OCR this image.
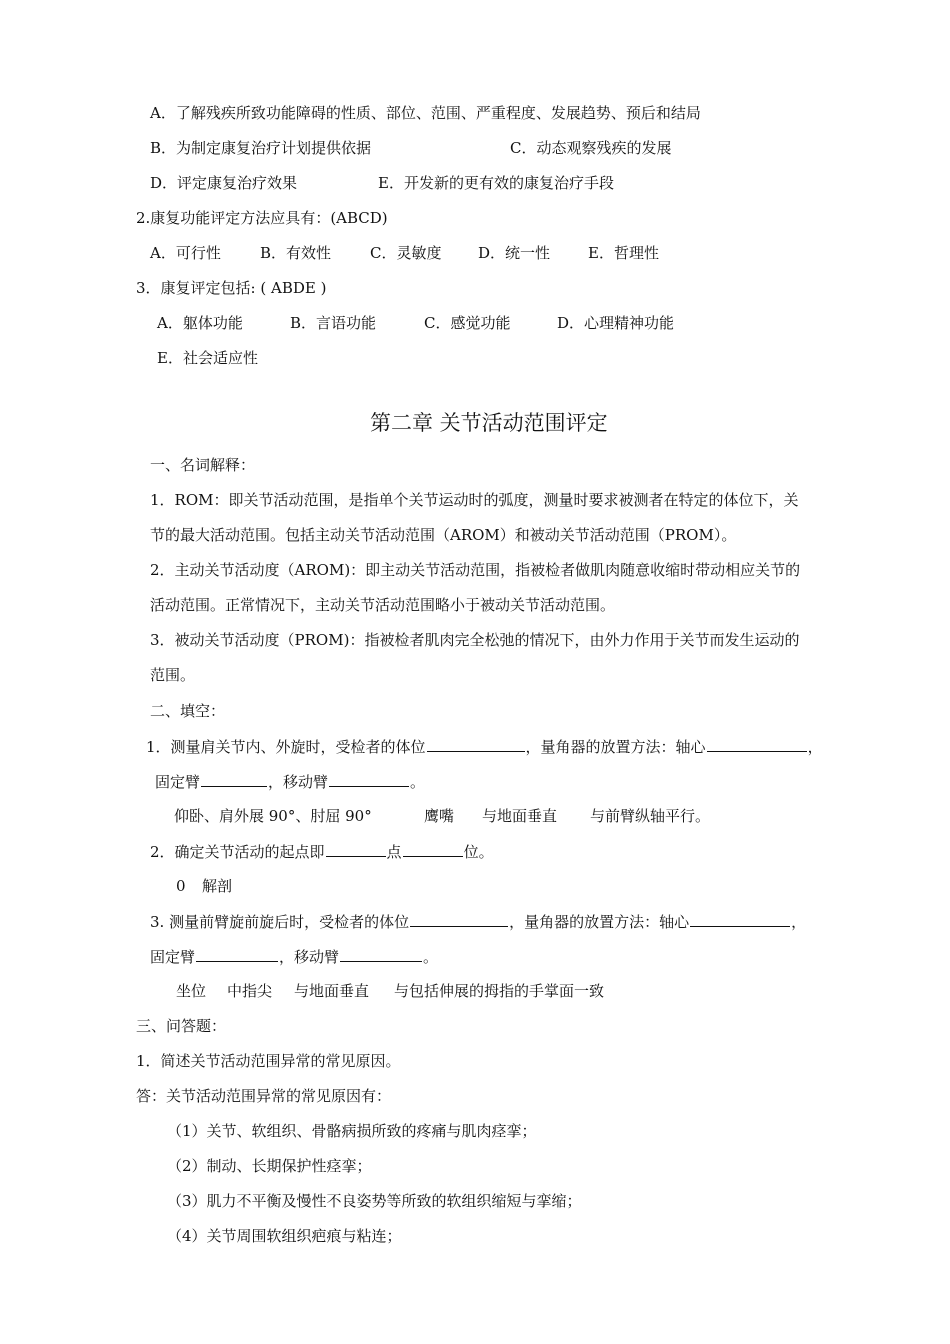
A．了解残疾所致功能障碍的性质、部位、范围、严重程度、发展趋势、预后和结局
B．为制定康复治疗计划提供依据	C．动态观察残疾的发展
D．评定康复治疗效果	E．开发新的更有效的康复治疗手段
2.康复功能评定方法应具有：(ABCD)
A．可行性	B．有效性	C．灵敏度 D．统一性	E．哲理性
3．康复评定包括: ( ABDE )
A．躯体功能	B．言语功能	C．感觉功能	D．心理精神功能
E．社会适应性
第二章 关节活动范围评定
一、名词解释：
1．ROM：即关节活动范围，是指单个关节运动时的弧度，测量时要求被测者在特定的体位下，关
节的最大活动范围。包括主动关节活动范围（AROM）和被动关节活动范围（PROM）。
2．主动关节活动度（AROM)：即主动关节活动范围，指被检者做肌肉随意收缩时带动相应关节的
活动范围。正常情况下，主动关节活动范围略小于被动关节活动范围。
3．被动关节活动度（PROM)：指被检者肌肉完全松弛的情况下，由外力作用于关节而发生运动的
范围。
二、填空：
1．测量肩关节内、外旋时，受检者的体位	，量角器的放置方法：轴心	，
固定臂	，移动臂	。
仰卧、肩外展 90°、肘屈 90°	鹰嘴 与地面垂直 与前臂纵轴平行。
2．确定关节活动的起点即	点	位。
0 解剖
3. 测量前臂旋前旋后时，受检者的体位	，量角器的放置方法：轴心	，
固定臂	，移动臂	。
坐位 中指尖 与地面垂直 与包括伸展的拇指的手掌面一致
三、问答题：
1．简述关节活动范围异常的常见原因。
答：关节活动范围异常的常见原因有：
（1）关节、软组织、骨骼病损所致的疼痛与肌肉痉挛；
（2）制动、长期保护性痉挛；
（3）肌力不平衡及慢性不良姿势等所致的软组织缩短与挛缩；
（4）关节周围软组织疤痕与粘连；
